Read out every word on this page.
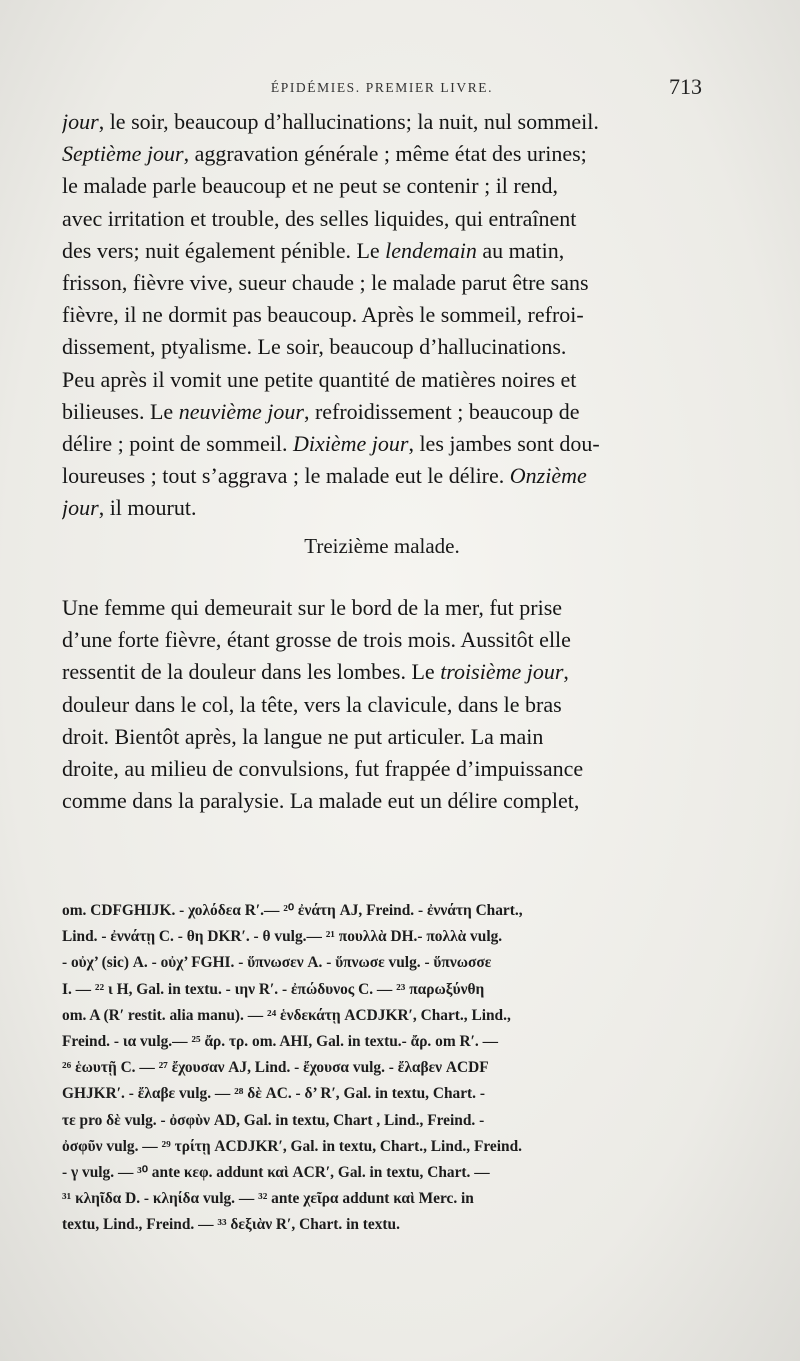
ÉPIDÉMIES. PREMIER LIVRE.	713
jour, le soir, beaucoup d’hallucinations; la nuit, nul sommeil.
Septième jour, aggravation générale ; même état des urines;
le malade parle beaucoup et ne peut se contenir ; il rend,
avec irritation et trouble, des selles liquides, qui entraînent
des vers; nuit également pénible. Le lendemain au matin,
frisson, fièvre vive, sueur chaude ; le malade parut être sans
fièvre, il ne dormit pas beaucoup. Après le sommeil, refroi-
dissement, ptyalisme. Le soir, beaucoup d’hallucinations.
Peu après il vomit une petite quantité de matières noires et
bilieuses. Le neuvième jour, refroidissement ; beaucoup de
délire ; point de sommeil. Dixième jour, les jambes sont dou-
loureuses ; tout s’aggrava ; le malade eut le délire. Onzième
jour, il mourut.
Treizième malade.
Une femme qui demeurait sur le bord de la mer, fut prise
d’une forte fièvre, étant grosse de trois mois. Aussitôt elle
ressentit de la douleur dans les lombes. Le troisième jour,
douleur dans le col, la tête, vers la clavicule, dans le bras
droit. Bientôt après, la langue ne put articuler. La main
droite, au milieu de convulsions, fut frappée d’impuissance
comme dans la paralysie. La malade eut un délire complet,
om. CDFGHIJK. - χολόδεα R′.— ²⁰ ἐνάτη AJ, Freind. - ἐννάτη Chart.,
Lind. - ἐννάτῃ C. - θη DKR′. - θ vulg.— ²¹ πουλλὰ DH.- πολλὰ vulg.
- οὐχ’ (sic) A. - οὐχ’ FGHI. - ὕπνωσεν A. - ὕπνωσε vulg. - ὕπνωσσε
I. — ²² ι H, Gal. in textu. - ιην R′. - ἐπώδυνος C. — ²³ παρωξύνθη
om. A (R′ restit. alia manu). — ²⁴ ἑνδεκάτῃ ACDJKR′, Chart., Lind.,
Freind. - ια vulg.— ²⁵ ἄρ. τρ. om. AHI, Gal. in textu.- ἄρ. om R′. —
²⁶ ἑωυτῇ C. — ²⁷ ἔχουσαν AJ, Lind. - ἔχουσα vulg. - ἔλαβεν ACDF
GHJKR′. - ἔλαβε vulg. — ²⁸ δὲ AC. - δ’ R′, Gal. in textu, Chart. -
τε pro δὲ vulg. - ὀσφὺν AD, Gal. in textu, Chart , Lind., Freind. -
ὀσφῦν vulg. — ²⁹ τρίτῃ ACDJKR′, Gal. in textu, Chart., Lind., Freind.
- γ vulg. — ³⁰ ante κεφ. addunt καὶ ACR′, Gal. in textu, Chart. —
³¹ κληῖδα D. - κληίδα vulg. — ³² ante χεῖρα addunt καὶ Merc. in
textu, Lind., Freind. — ³³ δεξιὰν R′, Chart. in textu.
